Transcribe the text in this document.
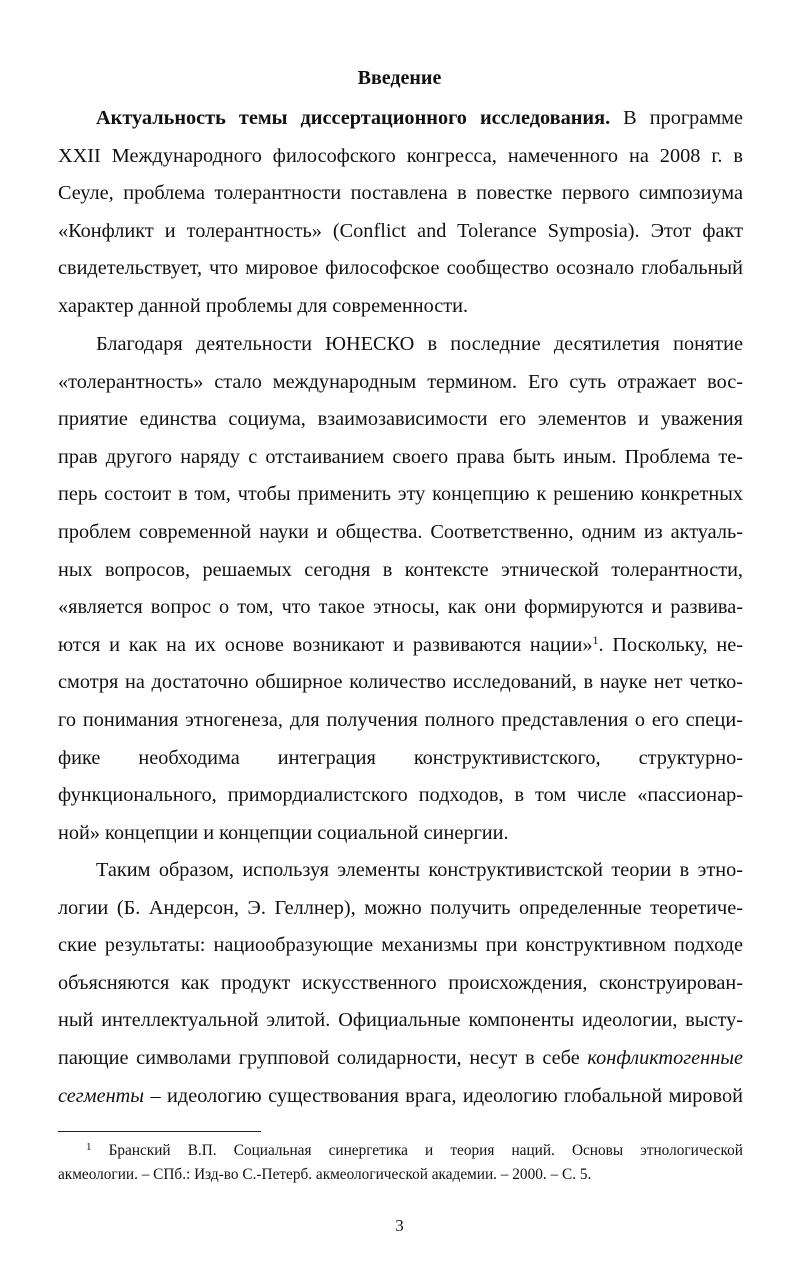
Введение
Актуальность темы диссертационного исследования. В программе
XXII Международного философского конгресса, намеченного на 2008 г. в
Сеуле, проблема толерантности поставлена в повестке первого симпозиума
«Конфликт и толерантность» (Conflict and Tolerance Symposia). Этот факт
свидетельствует, что мировое философское сообщество осознало глобальный
характер данной проблемы для современности.
Благодаря деятельности ЮНЕСКО в последние десятилетия понятие
«толерантность» стало международным термином. Его суть отражает вос-
приятие единства социума, взаимозависимости его элементов и уважения
прав другого наряду с отстаиванием своего права быть иным. Проблема те-
перь состоит в том, чтобы применить эту концепцию к решению конкретных
проблем современной науки и общества. Соответственно, одним из актуаль-
ных вопросов, решаемых сегодня в контексте этнической толерантности,
«является вопрос о том, что такое этносы, как они формируются и развива-
ются и как на их основе возникают и развиваются нации»$^1$. Поскольку, не-
смотря на достаточно обширное количество исследований, в науке нет четко-
го понимания этногенеза, для получения полного представления о его специ-
фике необходима интеграция конструктивистского, структурно-
функционального, примордиалистского подходов, в том числе «пассионар-
ной» концепции и концепции социальной синергии.
Таким образом, используя элементы конструктивистской теории в этно-
логии (Б. Андерсон, Э. Геллнер), можно получить определенные теоретиче-
ские результаты: нациообразующие механизмы при конструктивном подходе
объясняются как продукт искусственного происхождения, сконструирован-
ный интеллектуальной элитой. Официальные компоненты идеологии, высту-
пающие символами групповой солидарности, несут в себе конфликтогенные
сегменты – идеологию существования врага, идеологию глобальной мировой
$^1$ Бранский В.П. Социальная синергетика и теория наций. Основы этнологической
акмеологии. – СПб.: Изд-во С.-Петерб. акмеологической академии. – 2000. – С. 5.
3
